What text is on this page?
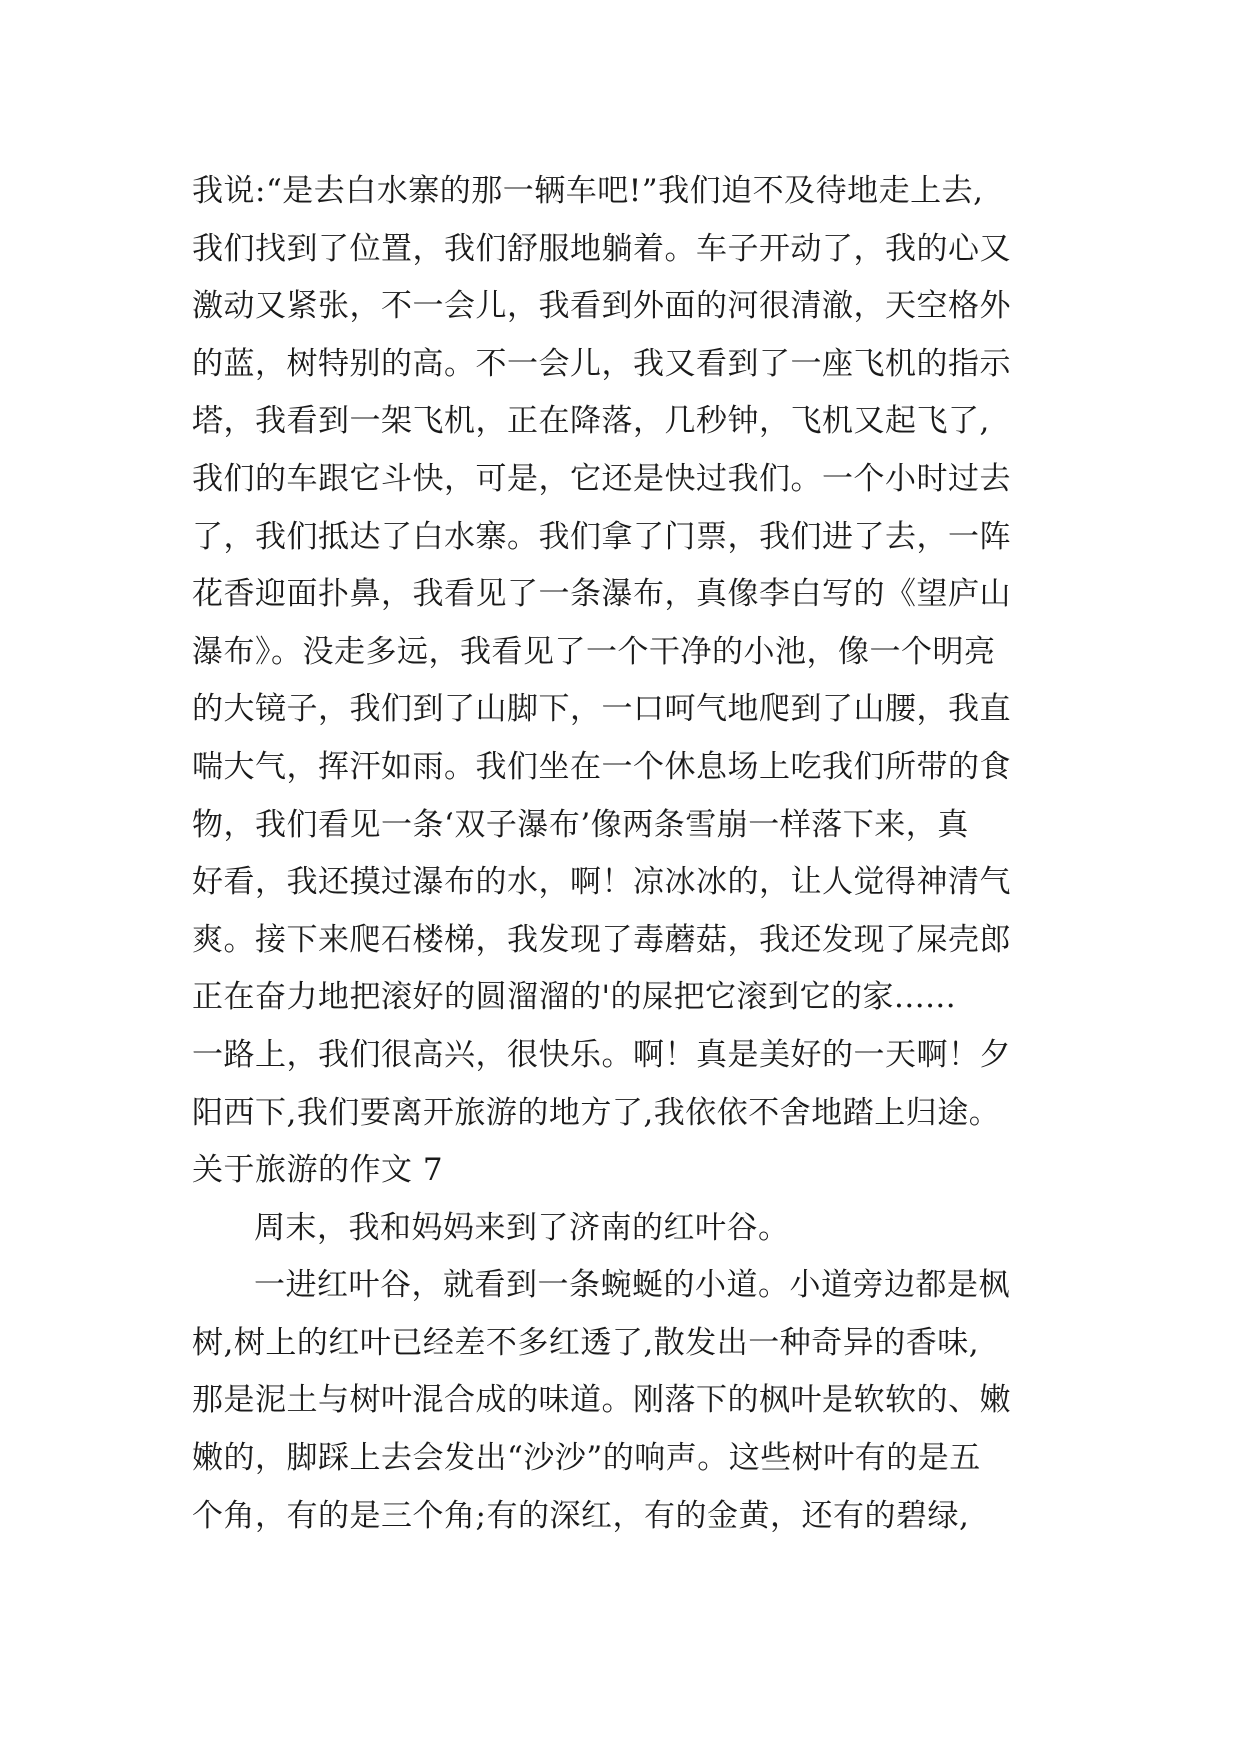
我说:“是去白水寨的那一辆车吧!”我们迫不及待地走上去,
我们找到了位置，我们舒服地躺着。车子开动了，我的心又
激动又紧张，不一会儿，我看到外面的河很清澈，天空格外
的蓝，树特别的高。不一会儿，我又看到了一座飞机的指示
塔，我看到一架飞机，正在降落，几秒钟，飞机又起飞了,
我们的车跟它斗快，可是，它还是快过我们。一个小时过去
了，我们抵达了白水寨。我们拿了门票，我们进了去，一阵
花香迎面扑鼻，我看见了一条瀑布，真像李白写的《望庐山
瀑布》。没走多远，我看见了一个干净的小池，像一个明亮
的大镜子，我们到了山脚下，一口呵气地爬到了山腰，我直
喘大气，挥汗如雨。我们坐在一个休息场上吃我们所带的食
物，我们看见一条‘双子瀑布’像两条雪崩一样落下来，真
好看，我还摸过瀑布的水，啊！凉冰冰的，让人觉得神清气
爽。接下来爬石楼梯，我发现了毒蘑菇，我还发现了屎壳郎
正在奋力地把滚好的圆溜溜的'的屎把它滚到它的家......
一路上，我们很高兴，很快乐。啊！真是美好的一天啊！夕
阳西下,我们要离开旅游的地方了,我依依不舍地踏上归途。
关于旅游的作文 7
周末，我和妈妈来到了济南的红叶谷。
一进红叶谷，就看到一条蜿蜒的小道。小道旁边都是枫
树,树上的红叶已经差不多红透了,散发出一种奇异的香味,
那是泥土与树叶混合成的味道。刚落下的枫叶是软软的、嫩
嫩的，脚踩上去会发出“沙沙”的响声。这些树叶有的是五
个角，有的是三个角;有的深红，有的金黄，还有的碧绿,
